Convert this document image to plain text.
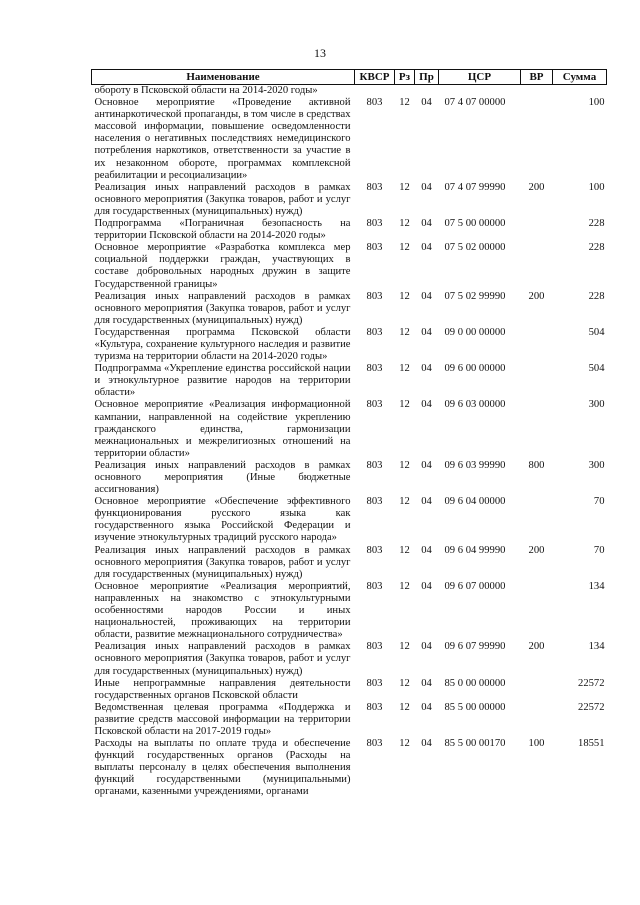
13
Наименование	КВСР	Рз	Пр	ЦСР	ВР	Сумма
обороту в Псковской области на 2014-2020 годы»						
Основное мероприятие «Проведение активной антинаркотической пропаганды, в том числе в средствах массовой информации, повышение осведомленности населения о негативных последствиях немедицинского потребления наркотиков, ответственности за участие в их незаконном обороте, программах комплексной реабилитации и ресоциализации»	803	12	04	07 4 07 00000		100
Реализация иных направлений расходов в рамках основного мероприятия (Закупка товаров, работ и услуг для государственных (муниципальных) нужд)	803	12	04	07 4 07 99990	200	100
Подпрограмма «Пограничная безопасность на территории Псковской области на 2014-2020 годы»	803	12	04	07 5 00 00000		228
Основное мероприятие «Разработка комплекса мер социальной поддержки граждан, участвующих в составе добровольных народных дружин в защите Государственной границы»	803	12	04	07 5 02 00000		228
Реализация иных направлений расходов в рамках основного мероприятия (Закупка товаров, работ и услуг для государственных (муниципальных) нужд)	803	12	04	07 5 02 99990	200	228
Государственная программа Псковской области «Культура, сохранение культурного наследия и развитие туризма на территории области на 2014-2020 годы»	803	12	04	09 0 00 00000		504
Подпрограмма «Укрепление единства российской нации и этнокультурное развитие народов на территории области»	803	12	04	09 6 00 00000		504
Основное мероприятие «Реализация информационной кампании, направленной на содействие укреплению гражданского единства, гармонизации межнациональных и межрелигиозных отношений на территории области»	803	12	04	09 6 03 00000		300
Реализация иных направлений расходов в рамках основного мероприятия (Иные бюджетные ассигнования)	803	12	04	09 6 03 99990	800	300
Основное мероприятие «Обеспечение эффективного функционирования русского языка как государственного языка Российской Федерации и изучение этнокультурных традиций русского народа»	803	12	04	09 6 04 00000		70
Реализация иных направлений расходов в рамках основного мероприятия (Закупка товаров, работ и услуг для государственных (муниципальных) нужд)	803	12	04	09 6 04 99990	200	70
Основное мероприятие «Реализация мероприятий, направленных на знакомство с этнокультурными особенностями народов России и иных национальностей, проживающих на территории области, развитие межнационального сотрудничества»	803	12	04	09 6 07 00000		134
Реализация иных направлений расходов в рамках основного мероприятия (Закупка товаров, работ и услуг для государственных (муниципальных) нужд)	803	12	04	09 6 07 99990	200	134
Иные непрограммные направления деятельности государственных органов Псковской области	803	12	04	85 0 00 00000		22572
Ведомственная целевая программа «Поддержка и развитие средств массовой информации на территории Псковской области на 2017-2019 годы»	803	12	04	85 5 00 00000		22572
Расходы на выплаты по оплате труда и обеспечение функций государственных органов (Расходы на выплаты персоналу в целях обеспечения выполнения функций государственными (муниципальными) органами, казенными учреждениями, органами	803	12	04	85 5 00 00170	100	18551
